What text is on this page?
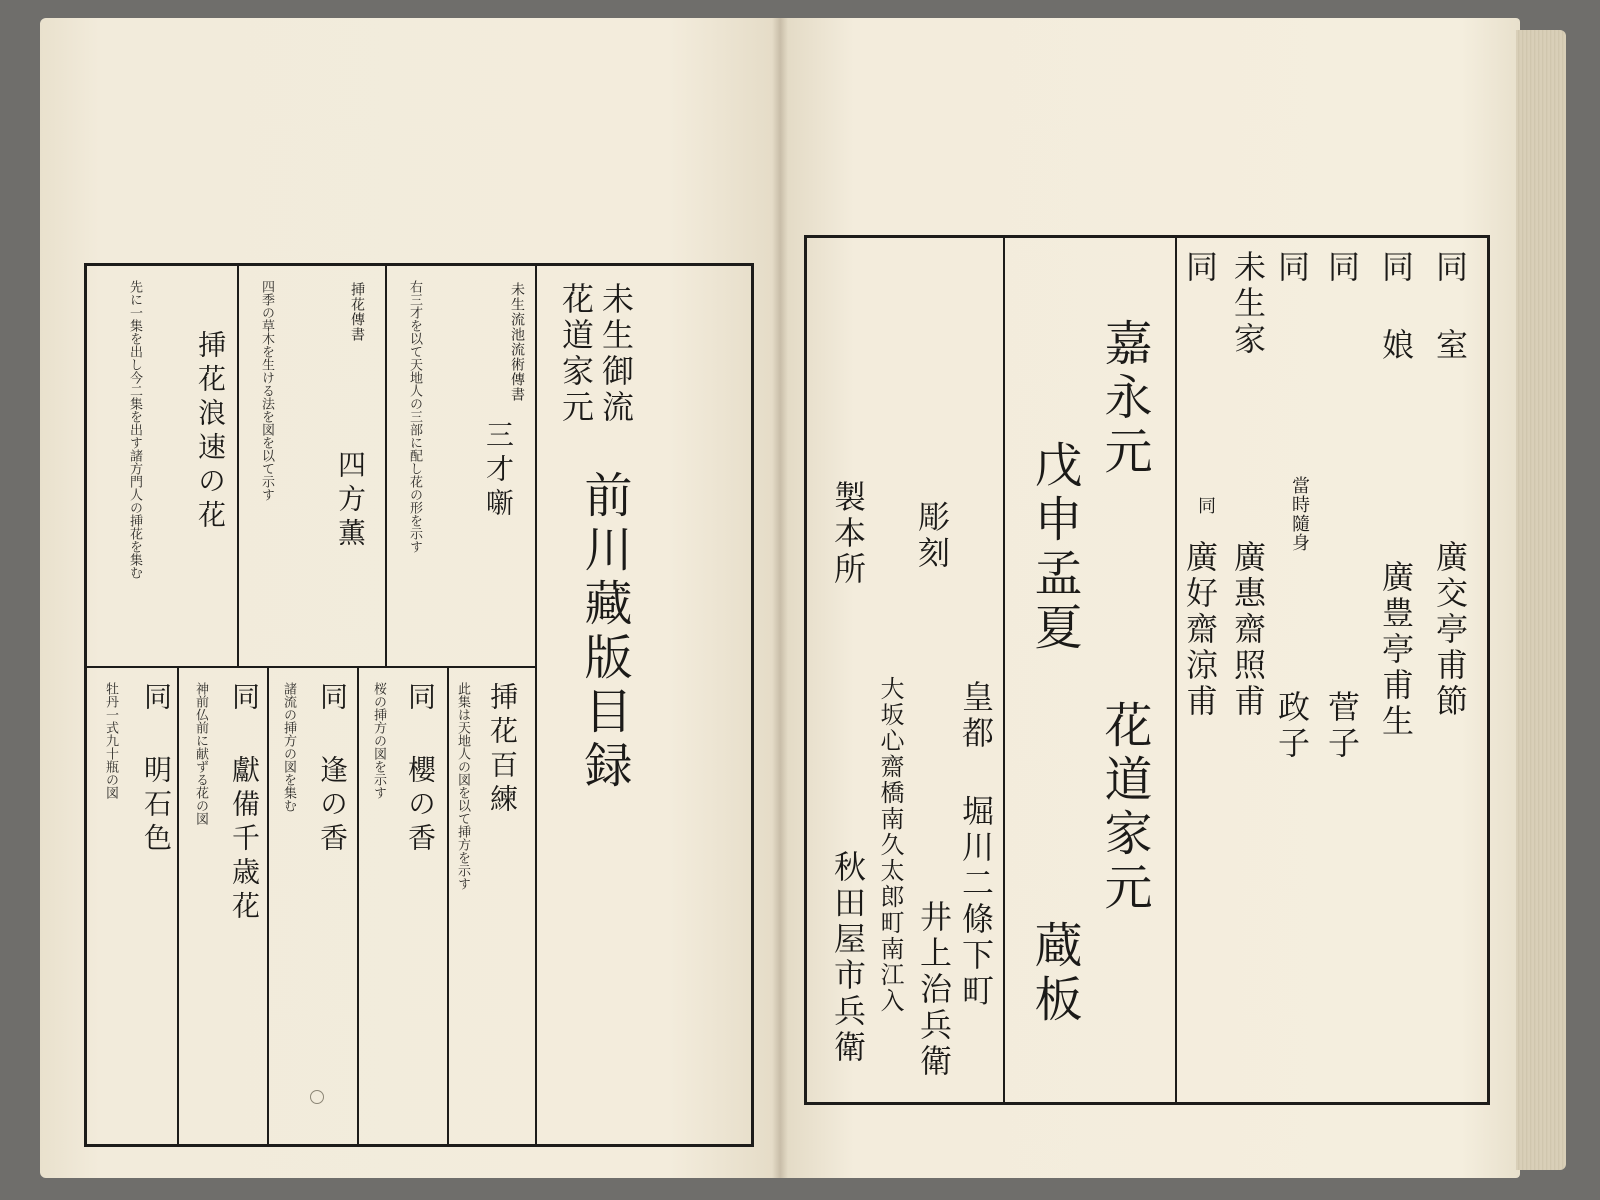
未生御流
花道家元
前川藏版目録
未生流池流術傳書
三才噺
右三才を以て天地人の三部に配し花の形を示す
挿花傳書
四方薫
四季の草木を生ける法を図を以て示す
挿花浪速の花
先に一集を出し今二集を出す諸方門人の挿花を集む
挿花百練
此集は天地人の図を以て挿方を示す
同 櫻の香
桜の挿方の図を示す
同 逢の香
諸流の挿方の図を集む
同 獻備千歳花
神前仏前に献ずる花の図
同 明石色
牡丹一式九十瓶の図
同 室
廣交亭甫節
同 娘
廣豊亭甫生
同
菅子
同
政子
未生家
當時隨身
廣惠齋照甫
同
同
廣好齋涼甫
嘉永元
戊申孟夏
花道家元
蔵板
彫刻
皇都 堀川二條下町
井上治兵衛
製本所
大坂心齋橋南久太郎町南江入
秋田屋市兵衛
